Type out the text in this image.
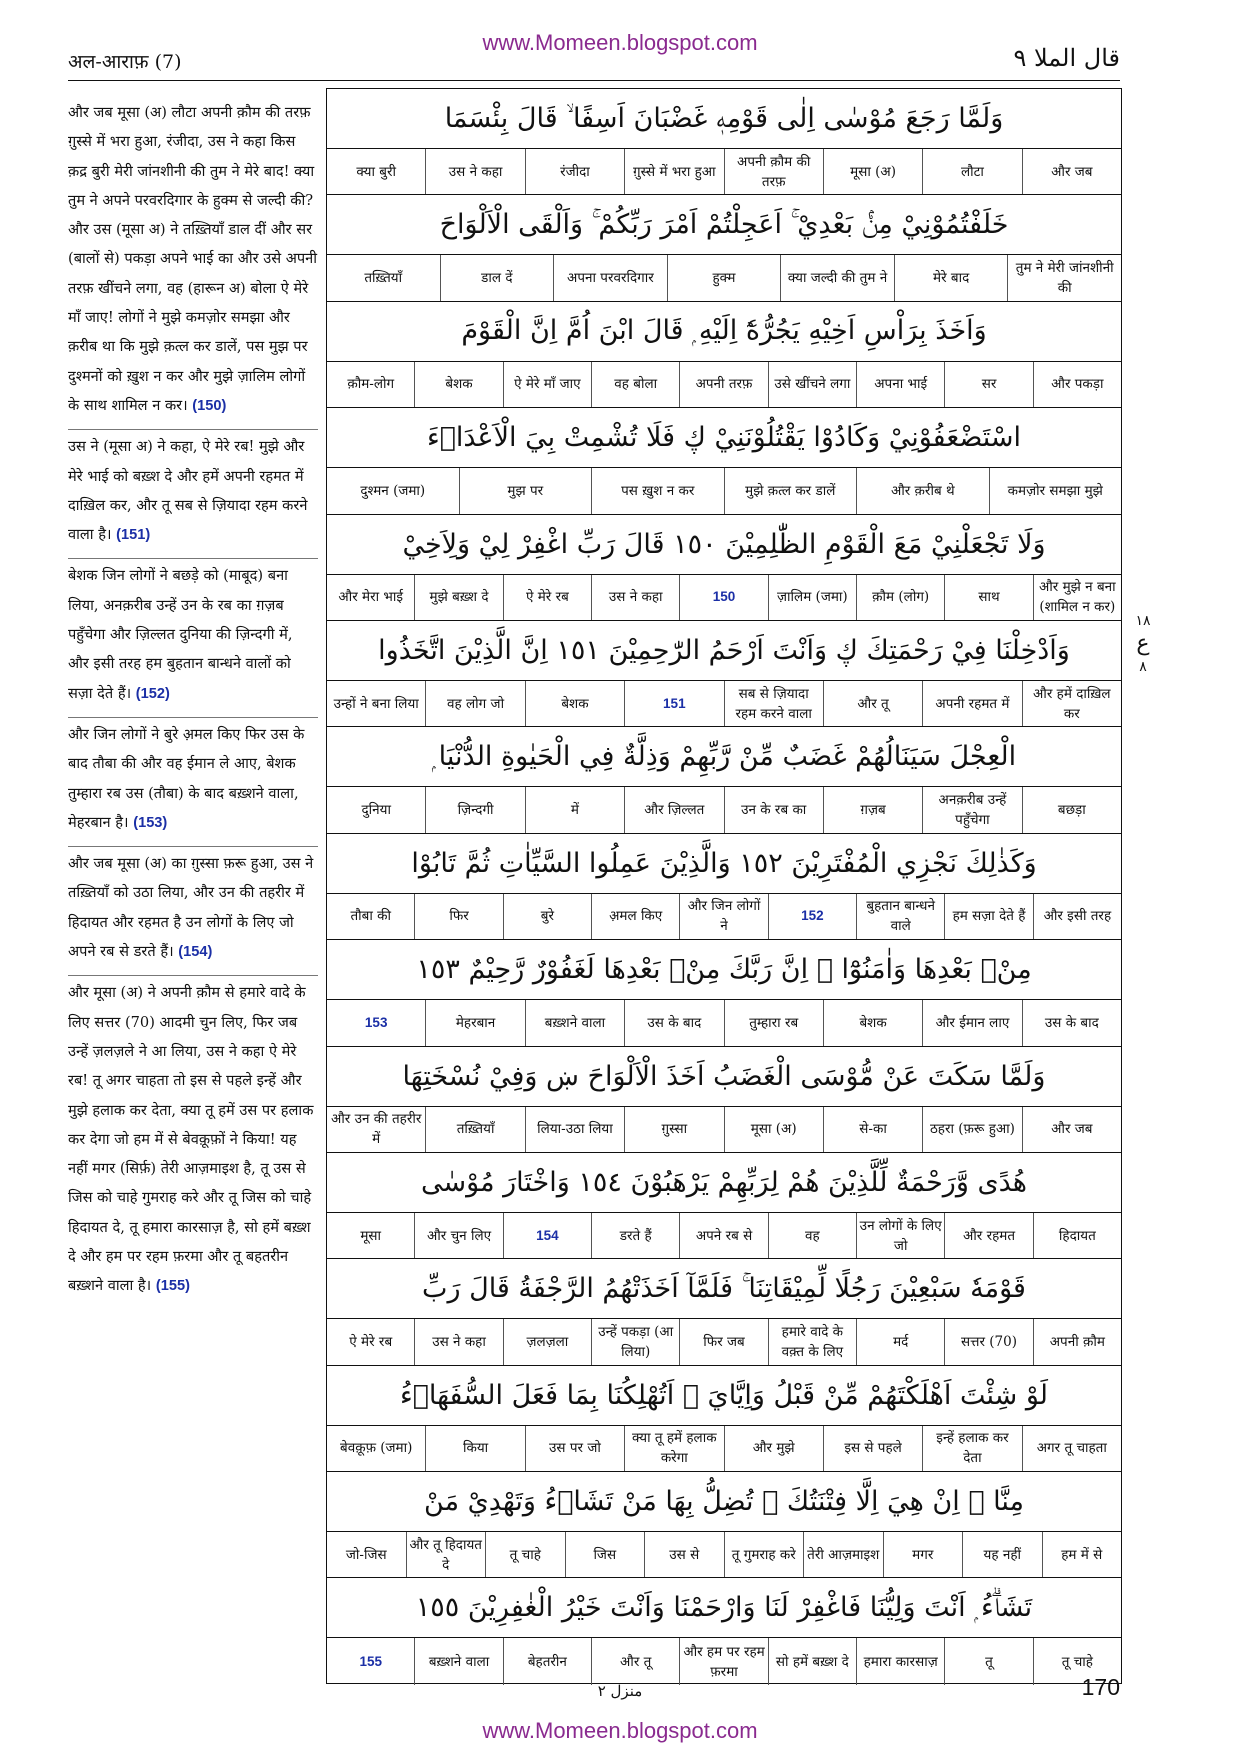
www.Momeen.blogspot.com
अल-आराफ़ (7)	قال الملا ٩

और जब मूसा (अ) लौटा अपनी क़ौम की तरफ़ ग़ुस्से में भरा हुआ, रंजीदा, उस ने कहा किस क़द्र बुरी मेरी जांनशीनी की तुम ने मेरे बाद! क्या तुम ने अपने परवरदिगार के हुक्म से जल्दी की? और उस (मूसा अ) ने तख़्तियाँ डाल दीं और सर (बालों से) पकड़ा अपने भाई का और उसे अपनी तरफ़ खींचने लगा, वह (हारून अ) बोला ऐ मेरे माँ जाए! लोगों ने मुझे कमज़ोर समझा और क़रीब था कि मुझे क़त्ल कर डालें, पस मुझ पर दुश्मनों को ख़ुश न कर और मुझे ज़ालिम लोगों के साथ शामिल न कर। (150)

उस ने (मूसा अ) ने कहा, ऐ मेरे रब! मुझे और मेरे भाई को बख़्श दे और हमें अपनी रहमत में दाख़िल कर, और तू सब से ज़ियादा रहम करने वाला है। (151)

बेशक जिन लोगों ने बछड़े को (माबूद) बना लिया, अनक़रीब उन्हें उन के रब का ग़ज़ब पहुँचेगा और ज़िल्लत दुनिया की ज़िन्दगी में, और इसी तरह हम बुहतान बान्धने वालों को सज़ा देते हैं। (152)

और जिन लोगों ने बुरे अ़मल किए फिर उस के बाद तौबा की और वह ईमान ले आए, बेशक तुम्हारा रब उस (तौबा) के बाद बख़्शने वाला, मेहरबान है। (153)

और जब मूसा (अ) का ग़ुस्सा फ़रू हुआ, उस ने तख़्तियाँ को उठा लिया, और उन की तहरीर में हिदायत और रहमत है उन लोगों के लिए जो अपने रब से डरते हैं। (154)

और मूसा (अ) ने अपनी क़ौम से हमारे वादे के लिए सत्तर (70) आदमी चुन लिए, फिर जब उन्हें ज़लज़ले ने आ लिया, उस ने कहा ऐ मेरे रब! तू अगर चाहता तो इस से पहले इन्हें और मुझे हलाक कर देता, क्या तू हमें उस पर हलाक कर देगा जो हम में से बेवक़ूफ़ों ने किया! यह नहीं मगर (सिर्फ़) तेरी आज़माइश है, तू उस से जिस को चाहे गुमराह करे और तू जिस को चाहे हिदायत दे, तू हमारा कारसाज़ है, सो हमें बख़्श दे और हम पर रहम फ़रमा और तू बहतरीन बख़्शने वाला है। (155)

وَلَمَّا رَجَعَ مُوْسٰى اِلٰى قَوْمِهٖ غَضْبَانَ اَسِفًا ۙ قَالَ بِئْسَمَا
और जब
लौटा
मूसा (अ)
अपनी क़ौम की तरफ़
ग़ुस्से में भरा हुआ
रंजीदा
उस ने कहा
क्या बुरी
خَلَفْتُمُوْنِيْ مِنْۢ بَعْدِيْ ۚ اَعَجِلْتُمْ اَمْرَ رَبِّكُمْ ۚ وَاَلْقَى الْاَلْوَاحَ
तुम ने मेरी जांनशीनी की
मेरे बाद
क्या जल्दी की तुम ने
हुक्म
अपना परवरदिगार
डाल दें
तख़्तियाँ
وَاَخَذَ بِرَاْسِ اَخِيْهِ يَجُرُّهٗٓ اِلَيْهِ ۭ قَالَ ابْنَ اُمَّ اِنَّ الْقَوْمَ
और पकड़ा
सर
अपना भाई
उसे खींचने लगा
अपनी तरफ़
वह बोला
ऐ मेरे माँ जाए
बेशक
क़ौम-लोग
اسْتَضْعَفُوْنِيْ وَكَادُوْا يَقْتُلُوْنَنِيْ ڮ فَلَا تُشْمِتْ بِيَ الْاَعْدَاۗءَ
कमज़ोर समझा मुझे
और क़रीब थे
मुझे क़त्ल कर डालें
पस ख़ुश न कर
मुझ पर
दुश्मन (जमा)
وَلَا تَجْعَلْنِيْ مَعَ الْقَوْمِ الظّٰلِمِيْنَ ١٥٠ قَالَ رَبِّ اغْفِرْ لِيْ وَلِاَخِيْ
और मुझे न बना (शामिल न कर)
साथ
क़ौम (लोग)
ज़ालिम (जमा)
150
उस ने कहा
ऐ मेरे रब
मुझे बख़्श दे
और मेरा भाई
وَاَدْخِلْنَا فِيْ رَحْمَتِكَ ڮ وَاَنْتَ اَرْحَمُ الرّٰحِمِيْنَ ١٥١ اِنَّ الَّذِيْنَ اتَّخَذُوا
और हमें दाख़िल कर
अपनी रहमत में
और तू
सब से ज़ियादा रहम करने वाला
151
बेशक
वह लोग जो
उन्हों ने बना लिया
الْعِجْلَ سَيَنَالُهُمْ غَضَبٌ مِّنْ رَّبِّهِمْ وَذِلَّةٌ فِي الْحَيٰوةِ الدُّنْيَا ۭ
बछड़ा
अनक़रीब उन्हें पहुँचेगा
ग़ज़ब
उन के रब का
और ज़िल्लत
में
ज़िन्दगी
दुनिया
وَكَذٰلِكَ نَجْزِي الْمُفْتَرِيْنَ ١٥٢ وَالَّذِيْنَ عَمِلُوا السَّيِّاٰتِ ثُمَّ تَابُوْا
और इसी तरह
हम सज़ा देते हैं
बुहतान बान्धने वाले
152
और जिन लोगों ने
अ़मल किए
बुरे
फिर
तौबा की
مِنْۢ بَعْدِهَا وَاٰمَنُوْٓا ۡ اِنَّ رَبَّكَ مِنْۢ بَعْدِهَا لَغَفُوْرٌ رَّحِيْمٌ ١٥٣
उस के बाद
और ईमान लाए
बेशक
तुम्हारा रब
उस के बाद
बख़्शने वाला
मेहरबान
153
وَلَمَّا سَكَتَ عَنْ مُّوْسَى الْغَضَبُ اَخَذَ الْاَلْوَاحَ ښ وَفِيْ نُسْخَتِهَا
और जब
ठहरा (फ़रू हुआ)
से-का
मूसा (अ)
ग़ुस्सा
लिया-उठा लिया
तख़्तियाँ
और उन की तहरीर में
هُدًى وَّرَحْمَةٌ لِّلَّذِيْنَ هُمْ لِرَبِّهِمْ يَرْهَبُوْنَ ١٥٤ وَاخْتَارَ مُوْسٰى
हिदायत
और रहमत
उन लोगों के लिए जो
वह
अपने रब से
डरते हैं
154
और चुन लिए
मूसा
قَوْمَهٗ سَبْعِيْنَ رَجُلًا لِّمِيْقَاتِنَا ۚ فَلَمَّآ اَخَذَتْهُمُ الرَّجْفَةُ قَالَ رَبِّ
अपनी क़ौम
सत्तर (70)
मर्द
हमारे वादे के वक़्त के लिए
फिर जब
उन्हें पकड़ा (आ लिया)
ज़लज़ला
उस ने कहा
ऐ मेरे रब
لَوْ شِئْتَ اَهْلَكْتَهُمْ مِّنْ قَبْلُ وَاِيَّايَ ۭ اَتُهْلِكُنَا بِمَا فَعَلَ السُّفَهَاۗءُ
अगर तू चाहता
इन्हें हलाक कर देता
इस से पहले
और मुझे
क्या तू हमें हलाक करेगा
उस पर जो
किया
बेवक़ूफ़ (जमा)
مِنَّا ۚ اِنْ هِيَ اِلَّا فِتْنَتُكَ ۭ تُضِلُّ بِهَا مَنْ تَشَاۗءُ وَتَهْدِيْ مَنْ
हम में से
यह नहीं
मगर
तेरी आज़माइश
तू गुमराह करे
उस से
जिस
तू चाहे
और तू हिदायत दे
जो-जिस
تَشَاۗءُ ۭ اَنْتَ وَلِيُّنَا فَاغْفِرْ لَنَا وَارْحَمْنَا وَاَنْتَ خَيْرُ الْغٰفِرِيْنَ ١٥٥
तू चाहे
तू
हमारा कारसाज़
सो हमें बख़्श दे
और हम पर रहम फ़रमा
और तू
बेहतरीन
बख़्शने वाला
155
١٨
ع
٨
منزل ٢	170
www.Momeen.blogspot.com
